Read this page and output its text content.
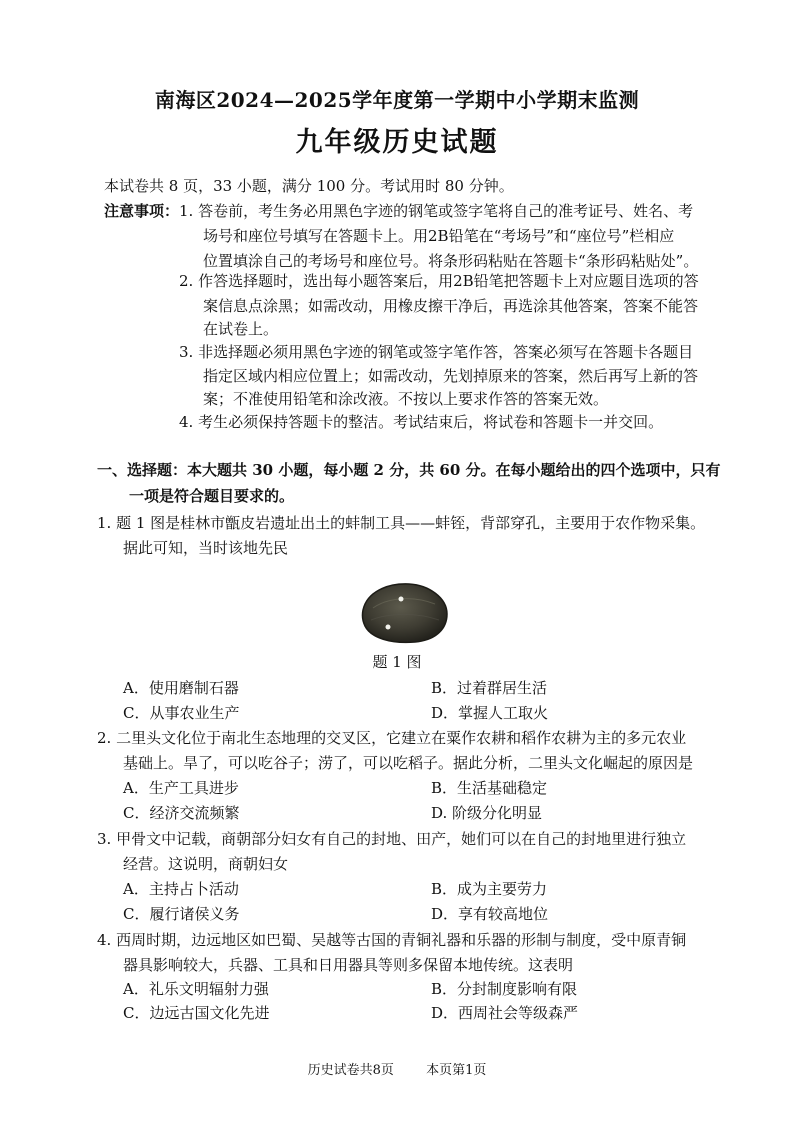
南海区2024—2025学年度第一学期中小学期末监测
九年级历史试题
本试卷共 8 页，33 小题，满分 100 分。考试用时 80 分钟。
注意事项： 1. 答卷前，考生务必用黑色字迹的钢笔或签字笔将自己的准考证号、姓名、考
场号和座位号填写在答题卡上。用2B铅笔在“考场号”和“座位号”栏相应
位置填涂自己的考场号和座位号。将条形码粘贴在答题卡“条形码粘贴处”。
2. 作答选择题时，选出每小题答案后，用2B铅笔把答题卡上对应题目选项的答
案信息点涂黑；如需改动，用橡皮擦干净后，再选涂其他答案，答案不能答
在试卷上。
3. 非选择题必须用黑色字迹的钢笔或签字笔作答，答案必须写在答题卡各题目
指定区域内相应位置上；如需改动，先划掉原来的答案，然后再写上新的答
案；不准使用铅笔和涂改液。不按以上要求作答的答案无效。
4. 考生必须保持答题卡的整洁。考试结束后，将试卷和答题卡一并交回。
一、选择题：本大题共 30 小题，每小题 2 分，共 60 分。在每小题给出的四个选项中，只有
一项是符合题目要求的。
1. 题 1 图是桂林市甑皮岩遗址出土的蚌制工具——蚌铚，背部穿孔，主要用于农作物采集。
据此可知，当时该地先民
题 1 图
A．使用磨制石器	B．过着群居生活
C．从事农业生产	D．掌握人工取火
2. 二里头文化位于南北生态地理的交叉区，它建立在粟作农耕和稻作农耕为主的多元农业
基础上。旱了，可以吃谷子；涝了，可以吃稻子。据此分析，二里头文化崛起的原因是
A．生产工具进步	B．生活基础稳定
C．经济交流频繁	D. 阶级分化明显
3. 甲骨文中记载，商朝部分妇女有自己的封地、田产，她们可以在自己的封地里进行独立
经营。这说明，商朝妇女
A．主持占卜活动	B．成为主要劳力
C．履行诸侯义务	D．享有较高地位
4. 西周时期，边远地区如巴蜀、吴越等古国的青铜礼器和乐器的形制与制度，受中原青铜
器具影响较大，兵器、工具和日用器具等则多保留本地传统。这表明
A．礼乐文明辐射力强	B．分封制度影响有限
C．边远古国文化先进	D．西周社会等级森严
历史试卷共8页 本页第1页
